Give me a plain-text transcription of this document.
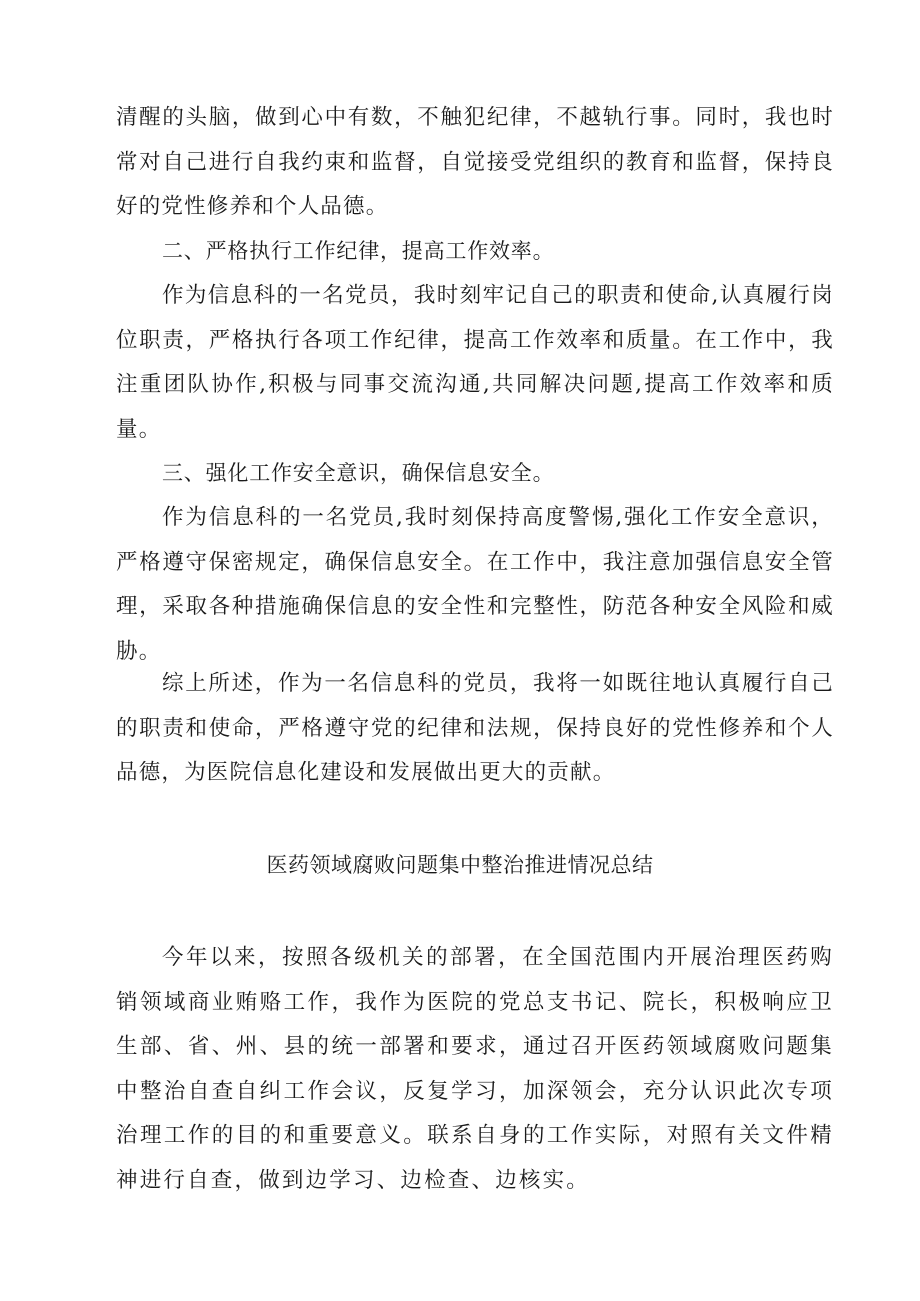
清醒的头脑，做到心中有数，不触犯纪律，不越轨行事。同时，我也时常对自己进行自我约束和监督，自觉接受党组织的教育和监督，保持良好的党性修养和个人品德。

二、严格执行工作纪律，提高工作效率。

作为信息科的一名党员，我时刻牢记自己的职责和使命,认真履行岗位职责，严格执行各项工作纪律，提高工作效率和质量。在工作中，我注重团队协作,积极与同事交流沟通,共同解决问题,提高工作效率和质量。

三、强化工作安全意识，确保信息安全。

作为信息科的一名党员,我时刻保持高度警惕,强化工作安全意识，严格遵守保密规定，确保信息安全。在工作中，我注意加强信息安全管理，采取各种措施确保信息的安全性和完整性，防范各种安全风险和威胁。

综上所述，作为一名信息科的党员，我将一如既往地认真履行自己的职责和使命，严格遵守党的纪律和法规，保持良好的党性修养和个人品德，为医院信息化建设和发展做出更大的贡献。

医药领域腐败问题集中整治推进情况总结

今年以来，按照各级机关的部署，在全国范围内开展治理医药购销领域商业贿赂工作，我作为医院的党总支书记、院长，积极响应卫生部、省、州、县的统一部署和要求，通过召开医药领域腐败问题集中整治自查自纠工作会议，反复学习，加深领会，充分认识此次专项治理工作的目的和重要意义。联系自身的工作实际，对照有关文件精神进行自查，做到边学习、边检查、边核实。
